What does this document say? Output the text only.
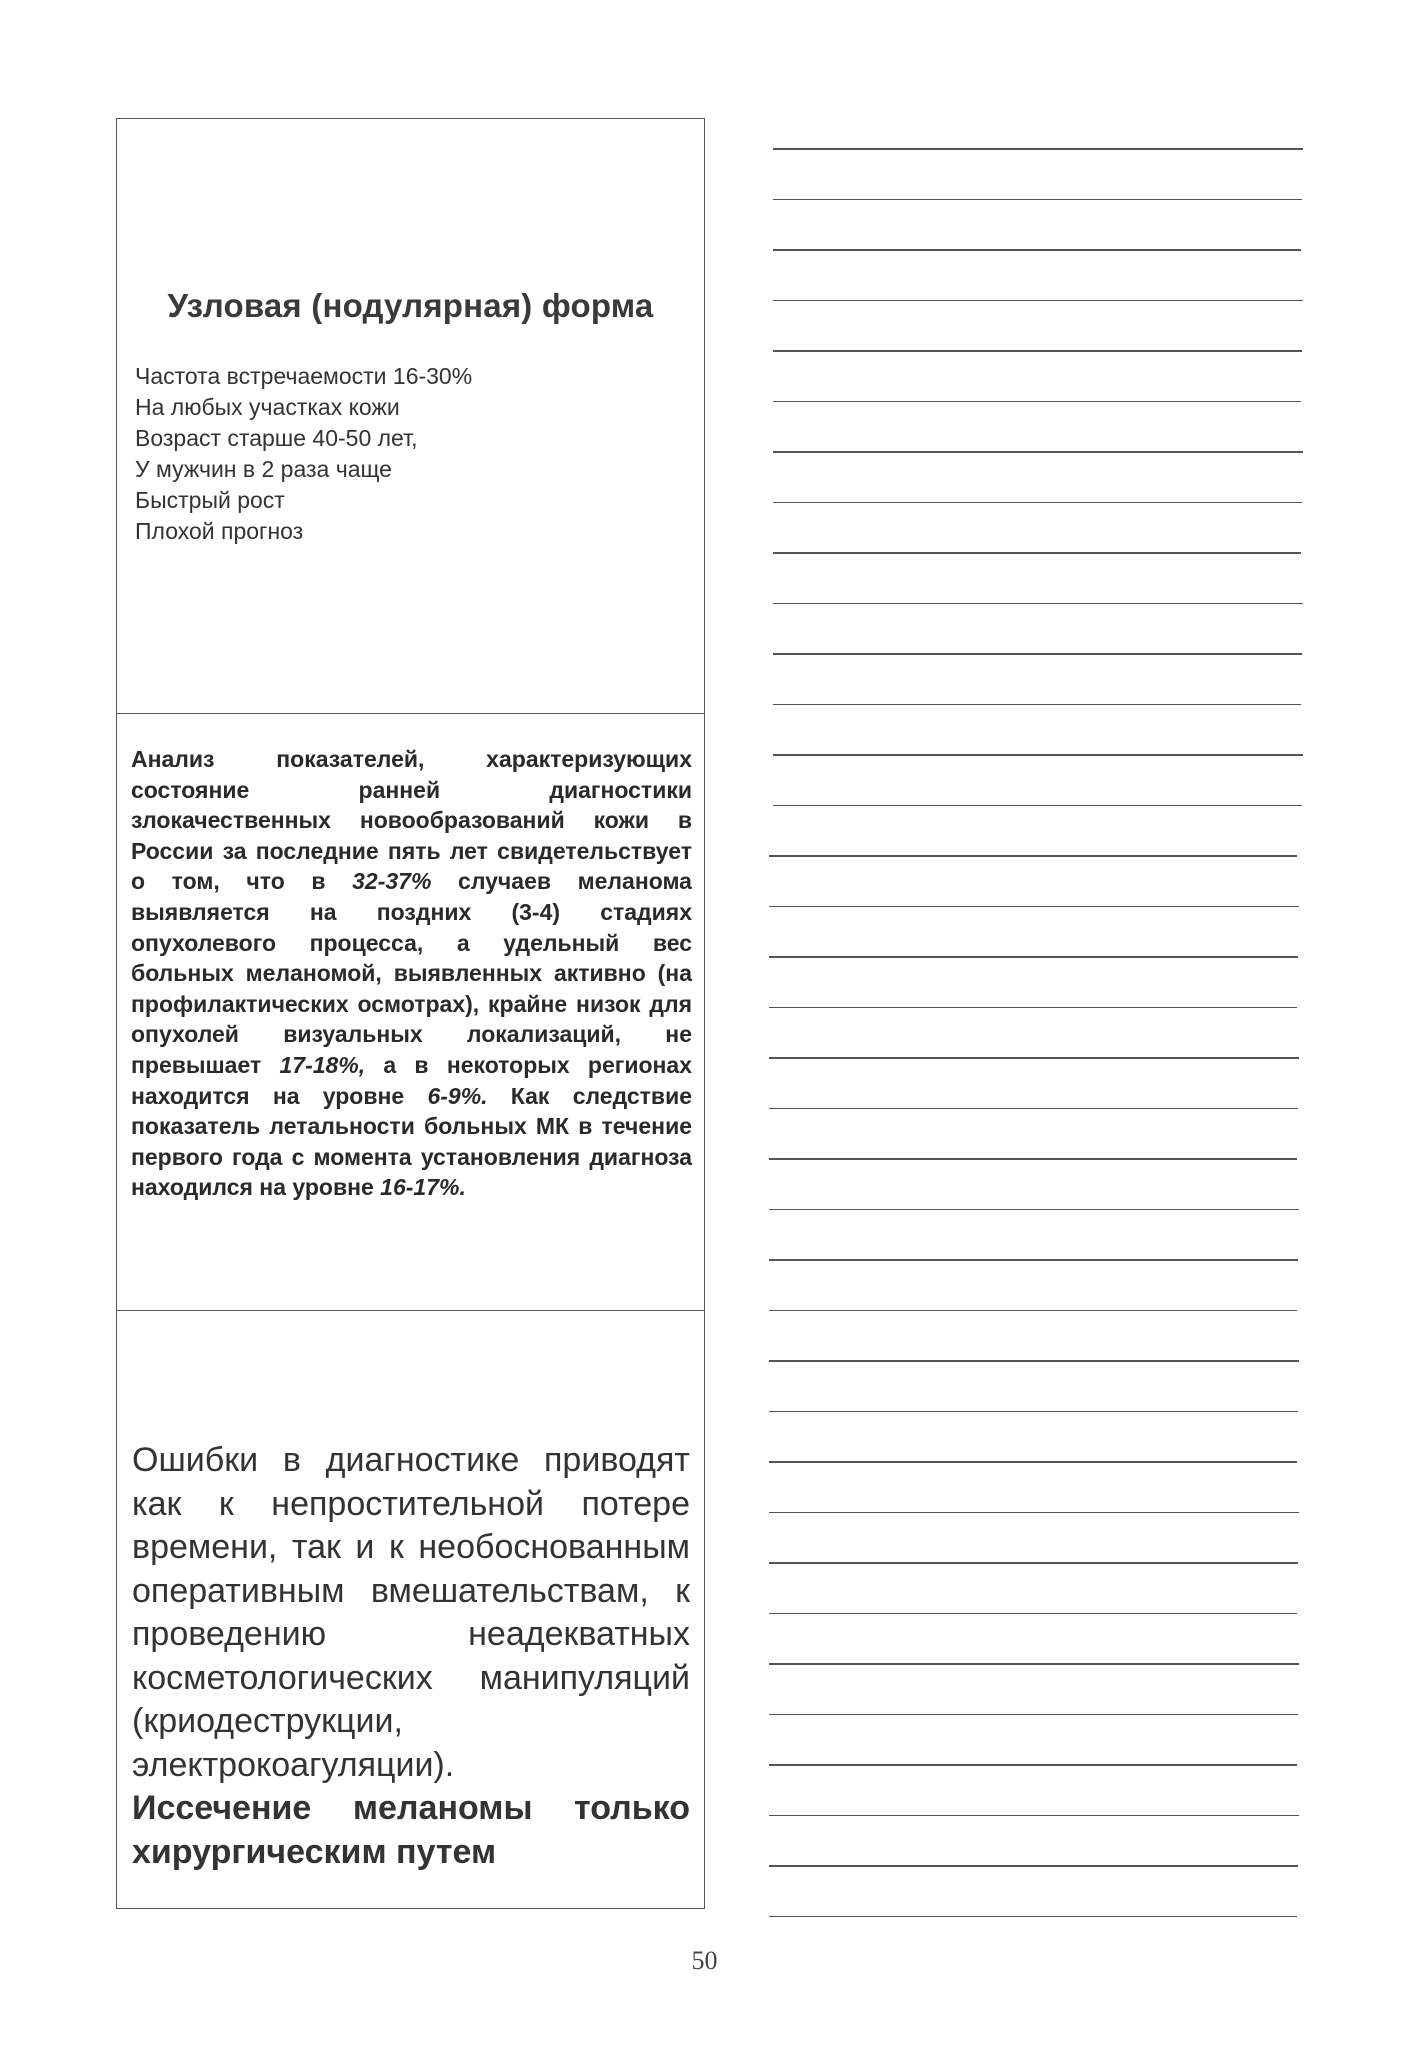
Узловая (нодулярная) форма
Частота встречаемости 16-30%
На любых участках кожи
Возраст старше 40-50 лет,
У мужчин в 2 раза чаще
Быстрый рост
Плохой прогноз
Анализ показателей, характеризующих состояние ранней диагностики злокачественных новообразований кожи в России за последние пять лет свидетельствует о том, что в 32-37% случаев меланома выявляется на поздних (3-4) стадиях опухолевого процесса, а удельный вес больных меланомой, выявленных активно (на профилактических осмотрах), крайне низок для опухолей визуальных локализаций, не превышает 17-18%, а в некоторых регионах находится на уровне 6-9%. Как следствие показатель летальности больных МК в течение первого года с момента установления диагноза находился на уровне 16-17%.
Ошибки в диагностике приводят как к непростительной потере времени, так и к необоснованным оперативным вмешательствам, к проведению неадекватных косметологических манипуляций (криодеструкции, электрокоагуляции).
Иссечение меланомы только хирургическим путем
50
